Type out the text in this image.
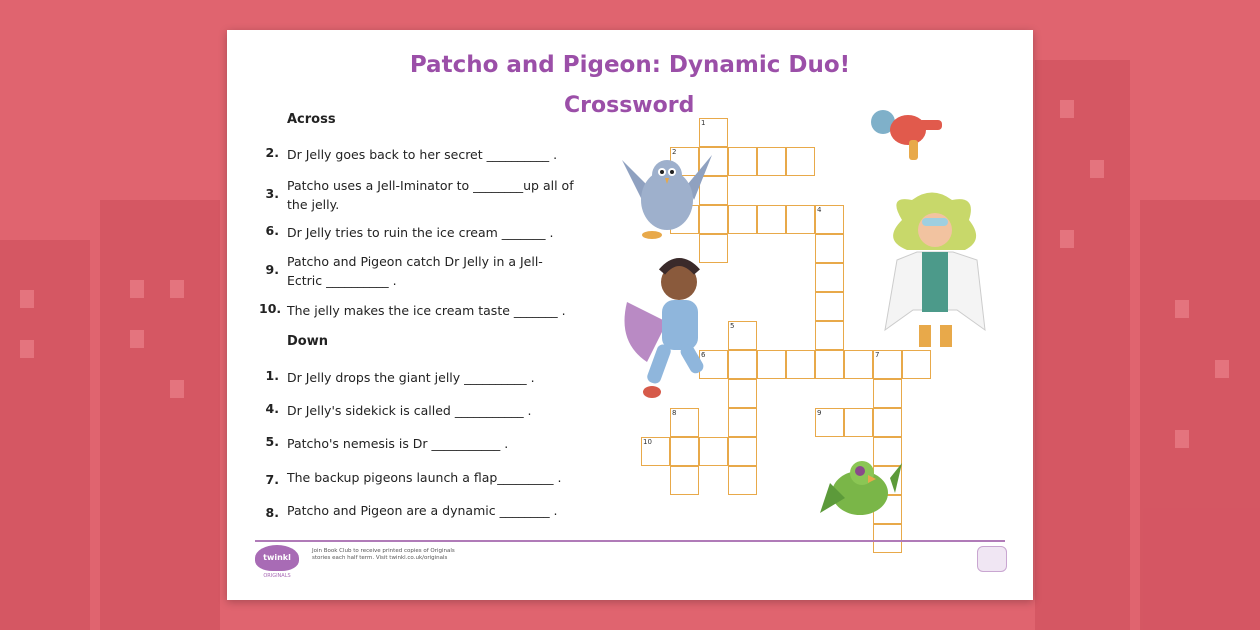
Patcho and Pigeon: Dynamic Duo!
Crossword
Across
2. Dr Jelly goes back to her secret __________ .
3.
Patcho uses a Jell-Iminator to ________up all of the jelly.
6. Dr Jelly tries to ruin the ice cream _______ .
9.
Patcho and Pigeon catch Dr Jelly in a Jell-Ectric __________ .
10. The jelly makes the ice cream taste _______ .
Down
1. Dr Jelly drops the giant jelly __________ .
4. Dr Jelly's sidekick is called ___________ .
5. Patcho's nemesis is Dr ___________ .
7. The backup pigeons launch a flap_________ .
8. Patcho and Pigeon are a dynamic ________ .
1
2
4
5
6	7
8	9
10
twinkl
ORIGINALS
Join Book Club to receive printed copies of Originals stories each half term. Visit twinkl.co.uk/originals
